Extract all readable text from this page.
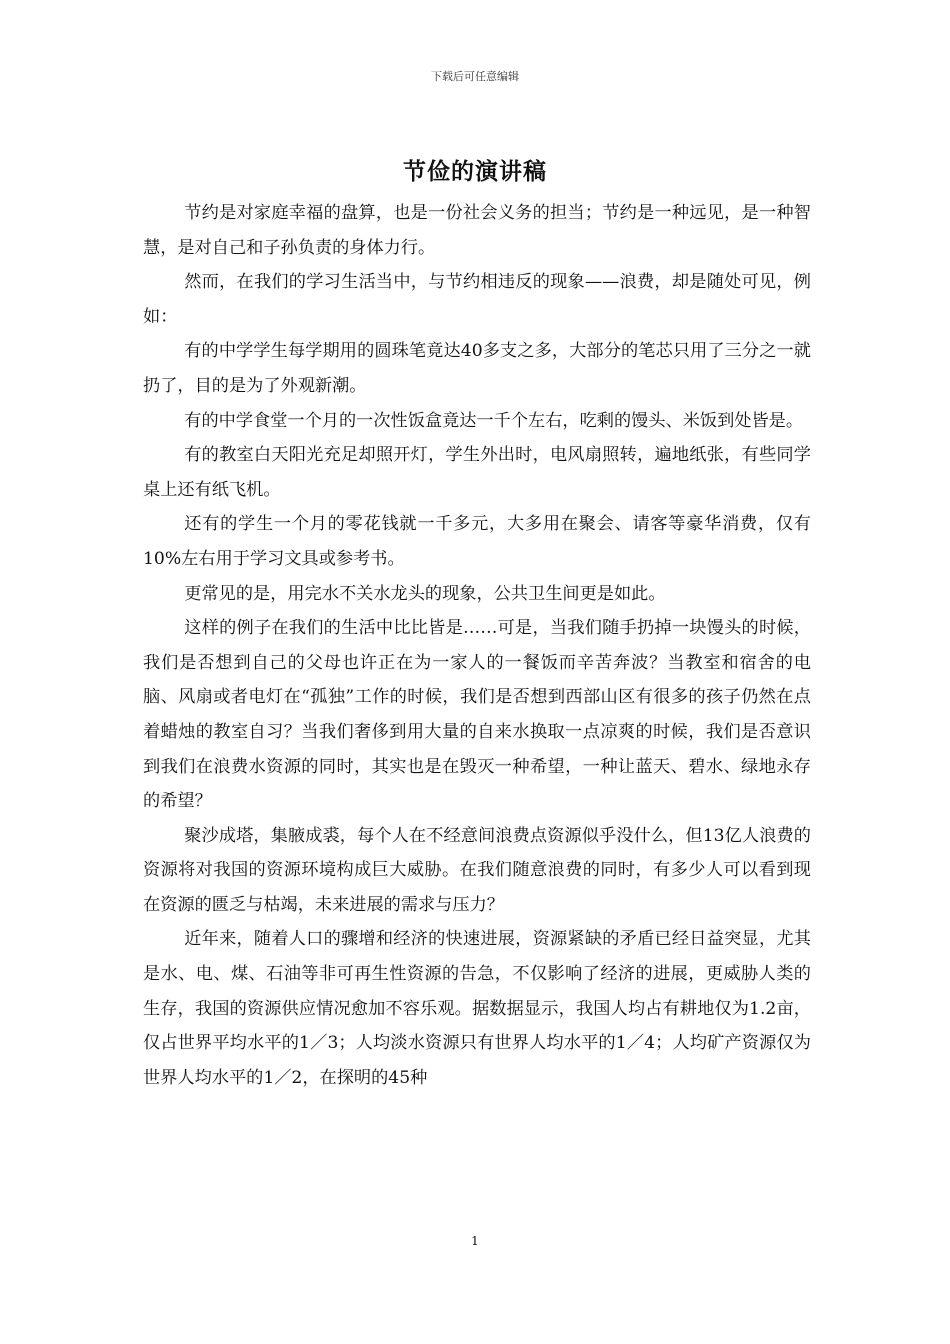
下载后可任意编辑
节俭的演讲稿

节约是对家庭幸福的盘算，也是一份社会义务的担当；节约是一种远见，是一种智慧，是对自己和子孙负责的身体力行。

然而，在我们的学习生活当中，与节约相违反的现象——浪费，却是随处可见，例如：

有的中学学生每学期用的圆珠笔竟达40多支之多，大部分的笔芯只用了三分之一就扔了，目的是为了外观新潮。

有的中学食堂一个月的一次性饭盒竟达一千个左右，吃剩的馒头、米饭到处皆是。

有的教室白天阳光充足却照开灯，学生外出时，电风扇照转，遍地纸张，有些同学桌上还有纸飞机。

还有的学生一个月的零花钱就一千多元，大多用在聚会、请客等豪华消费，仅有10%左右用于学习文具或参考书。

更常见的是，用完水不关水龙头的现象，公共卫生间更是如此。

这样的例子在我们的生活中比比皆是……可是，当我们随手扔掉一块馒头的时候，我们是否想到自己的父母也许正在为一家人的一餐饭而辛苦奔波？当教室和宿舍的电脑、风扇或者电灯在“孤独”工作的时候，我们是否想到西部山区有很多的孩子仍然在点着蜡烛的教室自习？当我们奢侈到用大量的自来水换取一点凉爽的时候，我们是否意识到我们在浪费水资源的同时，其实也是在毁灭一种希望，一种让蓝天、碧水、绿地永存的希望？

聚沙成塔，集腋成裘，每个人在不经意间浪费点资源似乎没什么，但13亿人浪费的资源将对我国的资源环境构成巨大威胁。在我们随意浪费的同时，有多少人可以看到现在资源的匮乏与枯竭，未来进展的需求与压力？

近年来，随着人口的骤增和经济的快速进展，资源紧缺的矛盾已经日益突显，尤其是水、电、煤、石油等非可再生性资源的告急，不仅影响了经济的进展，更威胁人类的生存，我国的资源供应情况愈加不容乐观。据数据显示，我国人均占有耕地仅为1.2亩，仅占世界平均水平的1／3；人均淡水资源只有世界人均水平的1／4；人均矿产资源仅为世界人均水平的1／2，在探明的45种

1
